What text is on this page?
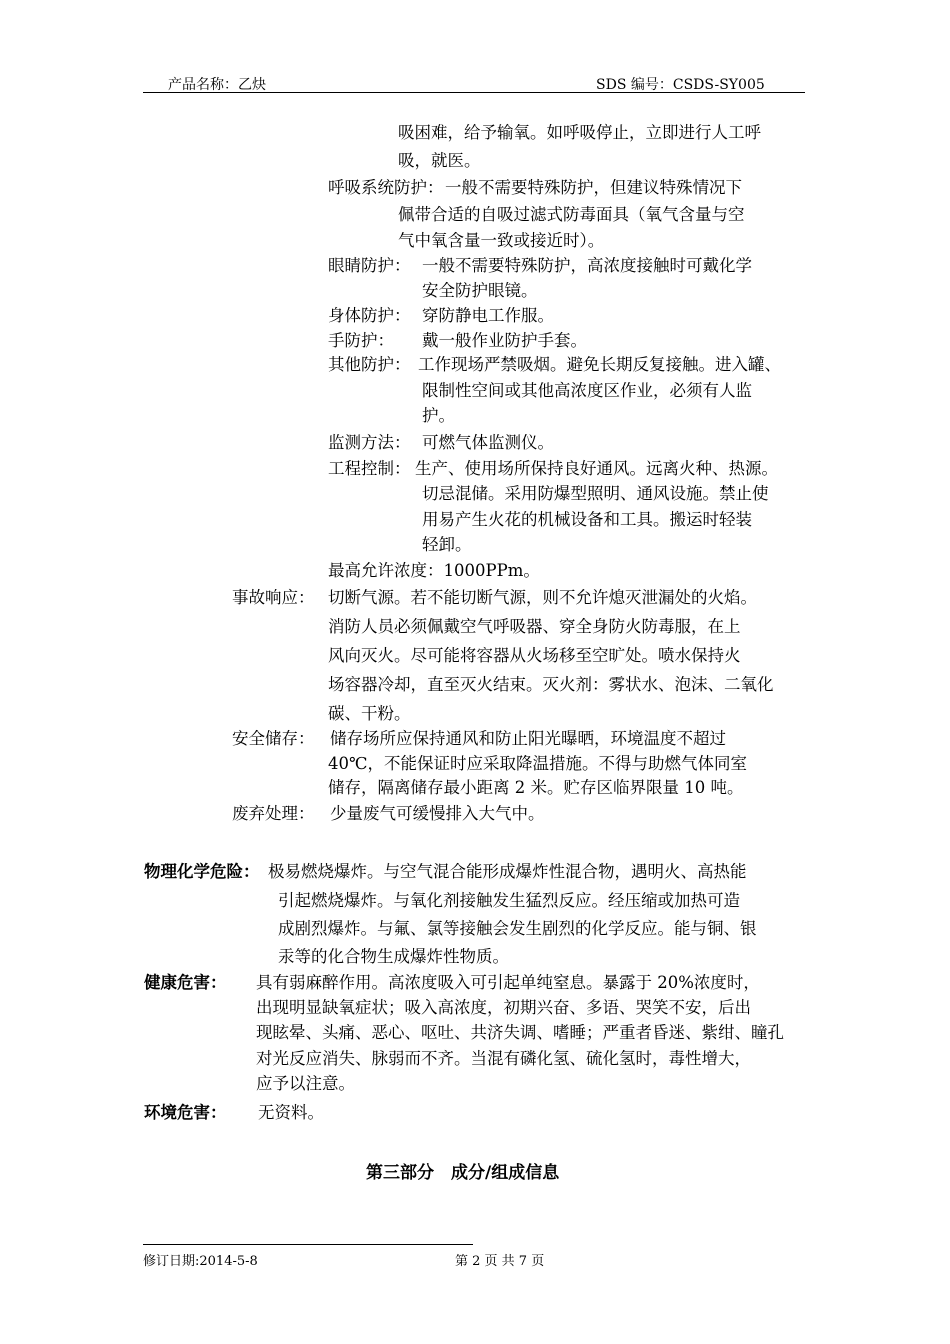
产品名称：乙炔	SDS 编号：CSDS-SY005
吸困难，给予输氧。如呼吸停止，立即进行人工呼
吸，就医。
呼吸系统防护： 一般不需要特殊防护，但建议特殊情况下
佩带合适的自吸过滤式防毒面具（氧气含量与空
气中氧含量一致或接近时）。
眼睛防护： 一般不需要特殊防护，高浓度接触时可戴化学
安全防护眼镜。
身体防护： 穿防静电工作服。
手防护： 戴一般作业防护手套。
其他防护： 工作现场严禁吸烟。避免长期反复接触。进入罐、
限制性空间或其他高浓度区作业，必须有人监
护。
监测方法： 可燃气体监测仪。
工程控制： 生产、使用场所保持良好通风。远离火种、热源。
切忌混储。采用防爆型照明、通风设施。禁止使
用易产生火花的机械设备和工具。搬运时轻装
轻卸。
最高允许浓度：1000PPm。
事故响应： 切断气源。若不能切断气源，则不允许熄灭泄漏处的火焰。
消防人员必须佩戴空气呼吸器、穿全身防火防毒服，在上
风向灭火。尽可能将容器从火场移至空旷处。喷水保持火
场容器冷却，直至灭火结束。灭火剂：雾状水、泡沫、二氧化
碳、干粉。
安全储存： 储存场所应保持通风和防止阳光曝晒，环境温度不超过
40℃，不能保证时应采取降温措施。不得与助燃气体同室
储存，隔离储存最小距离 2 米。贮存区临界限量 10 吨。
废弃处理： 少量废气可缓慢排入大气中。
物理化学危险： 极易燃烧爆炸。与空气混合能形成爆炸性混合物，遇明火、高热能
引起燃烧爆炸。与氧化剂接触发生猛烈反应。经压缩或加热可造
成剧烈爆炸。与氟、氯等接触会发生剧烈的化学反应。能与铜、银
汞等的化合物生成爆炸性物质。
健康危害： 具有弱麻醉作用。高浓度吸入可引起单纯窒息。暴露于 20%浓度时，
出现明显缺氧症状；吸入高浓度，初期兴奋、多语、哭笑不安，后出
现眩晕、头痛、恶心、呕吐、共济失调、嗜睡；严重者昏迷、紫绀、瞳孔
对光反应消失、脉弱而不齐。当混有磷化氢、硫化氢时，毒性增大，
应予以注意。
环境危害： 无资料。
第三部分　成分/组成信息
修订日期:2014-5-8	第 2 页 共 7 页
